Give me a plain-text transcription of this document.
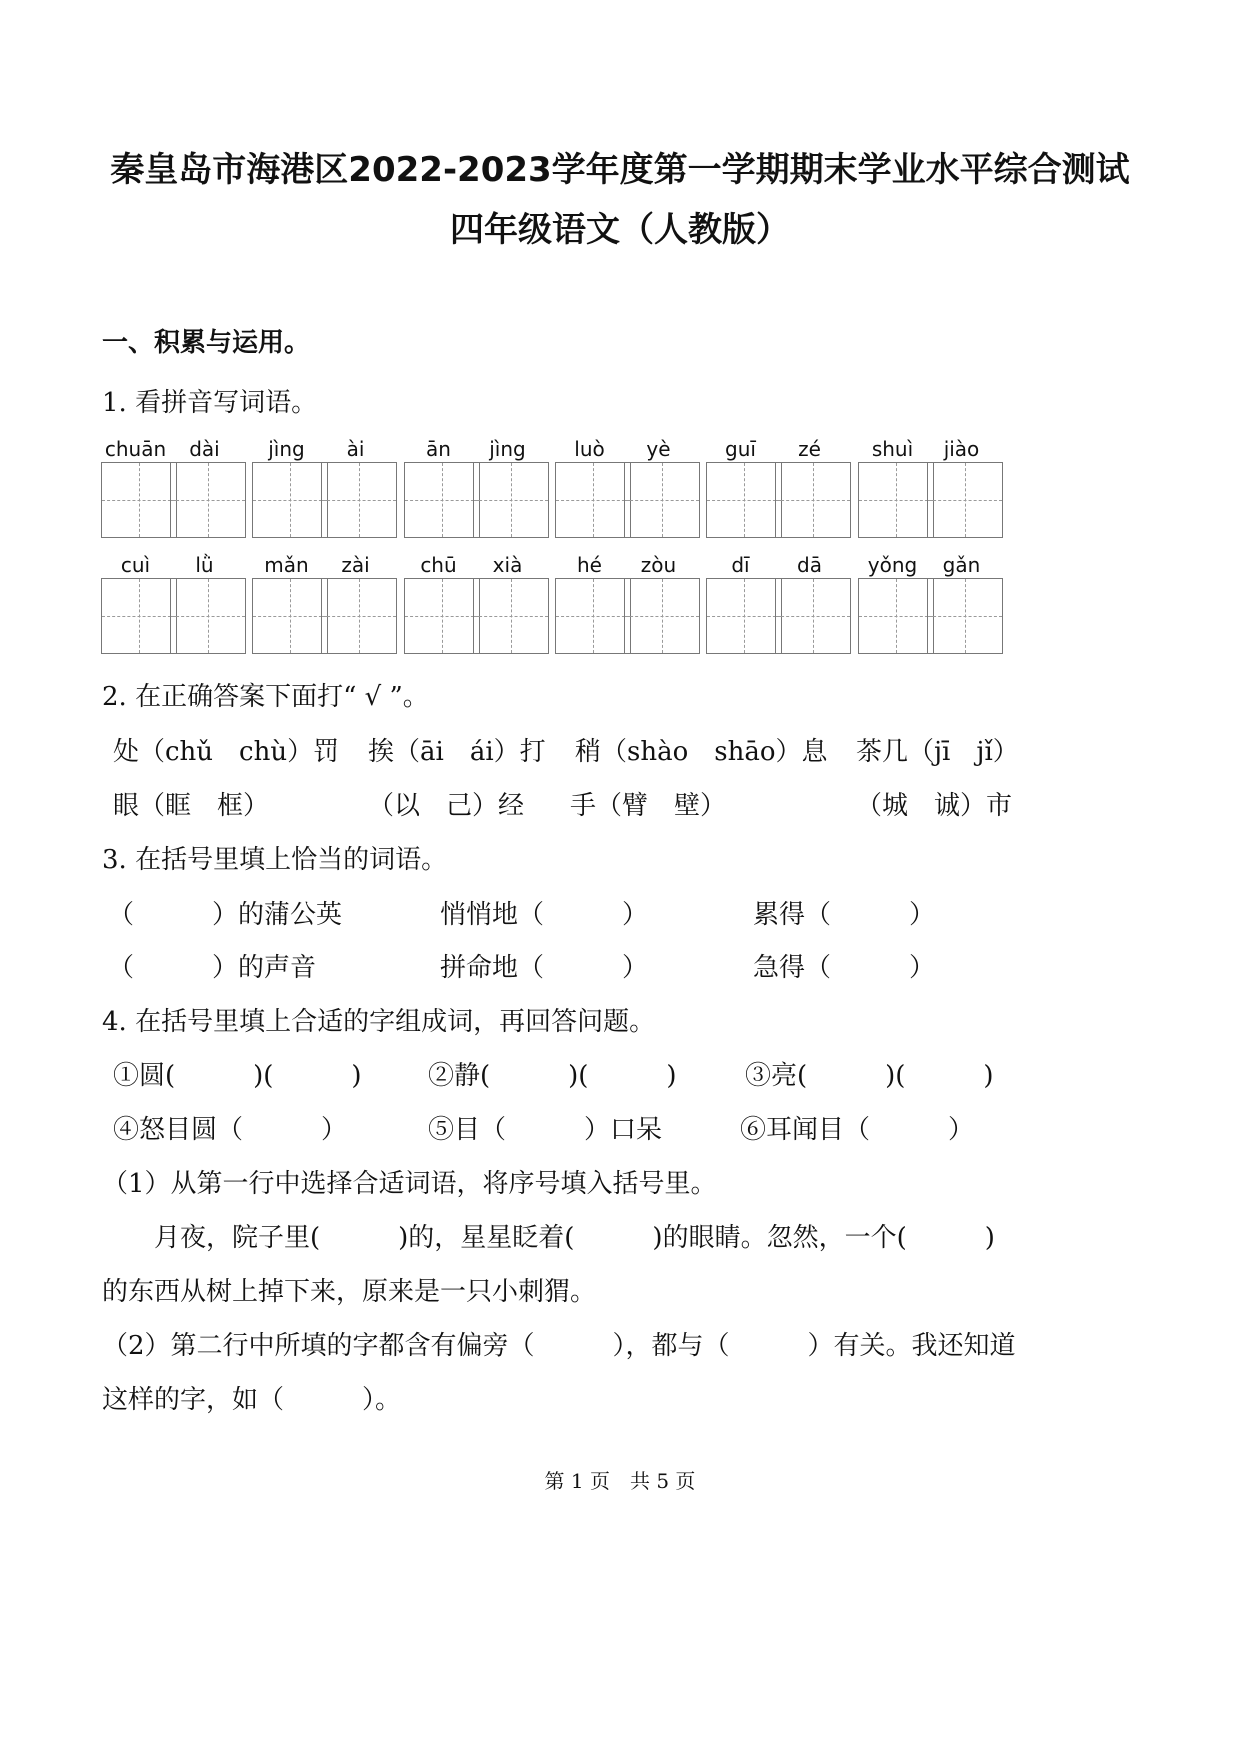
秦皇岛市海港区2022-2023学年度第一学期期末学业水平综合测试
四年级语文（人教版）
一、积累与运用。
1. 看拼音写词语。
chuān	dài	jìng	ài	ān	jìng	luò	yè	guī	zé	shuì	jiào
cuì	lǜ	mǎn	zài	chū	xià	hé	zòu	dī	dā	yǒng	gǎn
2. 在正确答案下面打“ √ ”。
处（chǔ　chù）罚 挨（āi　ái）打 稍（shào　shāo）息 茶几（jī　jǐ）
眼（眶　框）	（以　己）经 手（臂　壁）	（城　诚）市
3. 在括号里填上恰当的词语。
（　　　）的蒲公英	悄悄地（　　　）	累得（　　　）
（　　　）的声音	拼命地（　　　）	急得（　　　）
4. 在括号里填上合适的字组成词，再回答问题。
①圆(　　　)(　　　)	②静(　　　)(　　　)	③亮(　　　)(　　　)
④怒目圆（　　　）	⑤目（　　　）口呆	⑥耳闻目（　　　）
（1）从第一行中选择合适词语，将序号填入括号里。
月夜，院子里(　　　)的，星星眨着(　　　)的眼睛。忽然，一个(　　　)
的东西从树上掉下来，原来是一只小刺猬。
（2）第二行中所填的字都含有偏旁（　　　），都与（　　　）有关。我还知道
这样的字，如（　　　）。
第 1 页　共 5 页
